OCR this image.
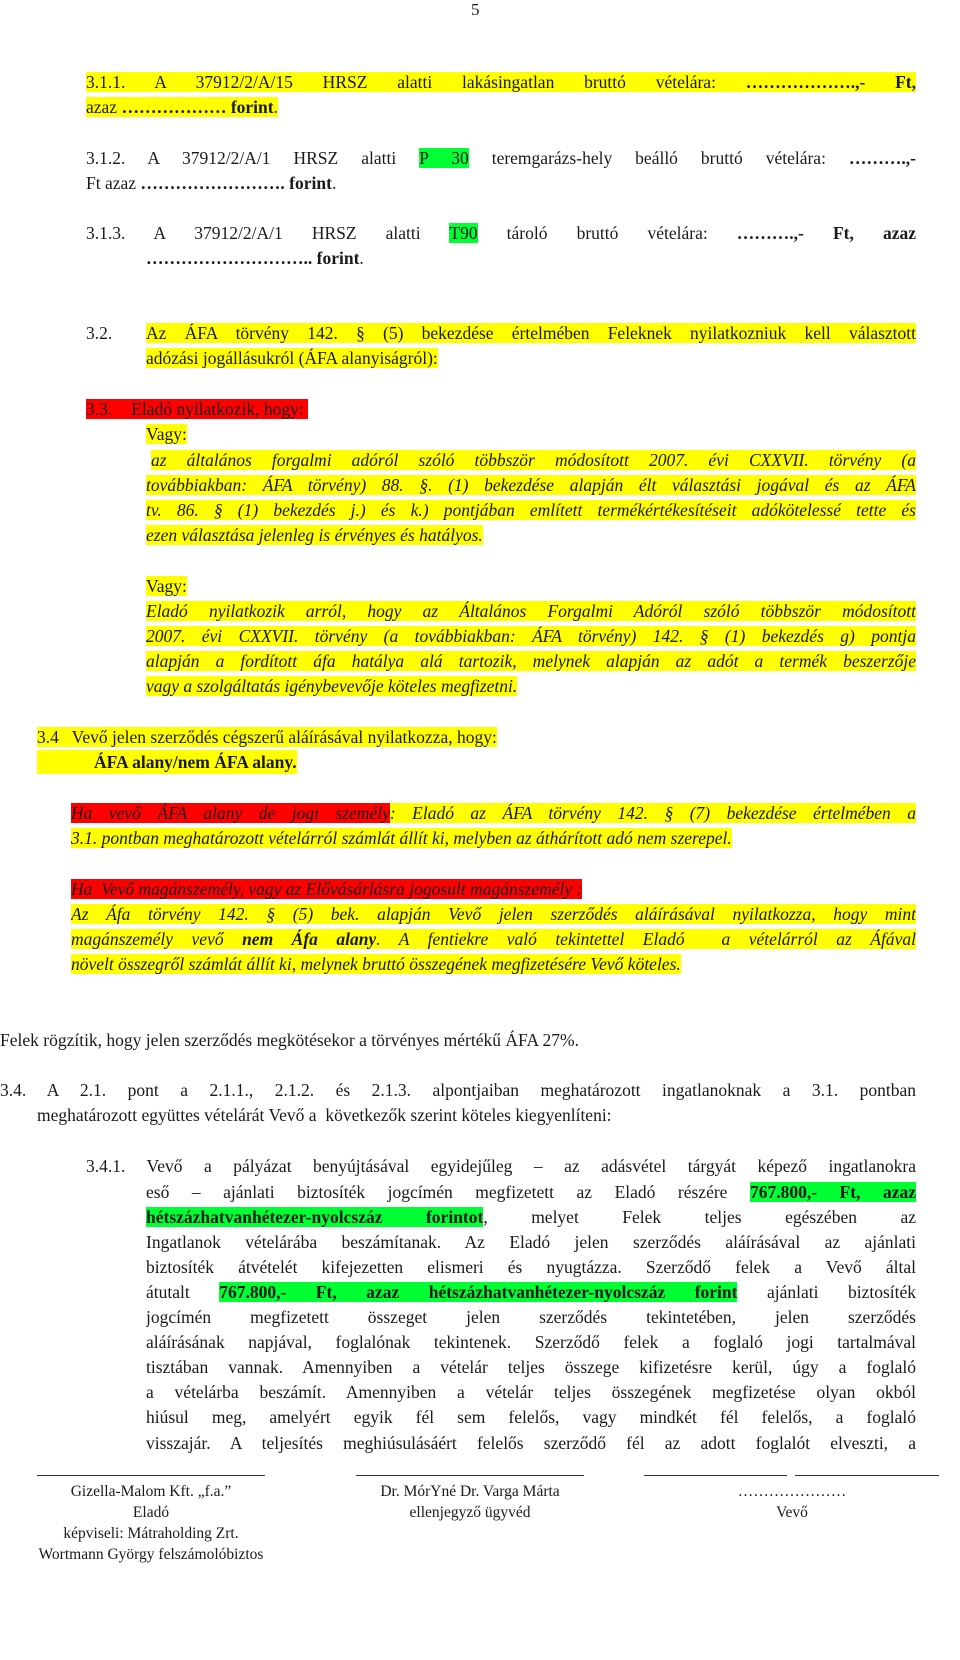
5
3.1.1. A 37912/2/A/15 HRSZ alatti lakásingatlan bruttó vételára: ……………….,- Ft,
azaz ……………… forint.
3.1.2. A 37912/2/A/1 HRSZ alatti P 30 teremgarázs-hely beálló bruttó vételára: ……….,-
Ft azaz ……………………. forint.
3.1.3. A 37912/2/A/1 HRSZ alatti T90 tároló bruttó vételára: ……….,- Ft, azaz
……………………….. forint.
3.2. Az ÁFA törvény 142. § (5) bekezdése értelmében Feleknek nyilatkozniuk kell választott
adózási jogállásukról (ÁFA alanyiságról):
3.3. Eladó nyilatkozik, hogy:
Vagy:
az általános forgalmi adóról szóló többször módosított 2007. évi CXXVII. törvény (a
továbbiakban: ÁFA törvény) 88. §. (1) bekezdése alapján élt választási jogával és az ÁFA
tv. 86. § (1) bekezdés j.) és k.) pontjában említett termékértékesítéseit adókötelessé tette és
ezen választása jelenleg is érvényes és hatályos.
Vagy:
Eladó nyilatkozik arról, hogy az Általános Forgalmi Adóról szóló többször módosított
2007. évi CXXVII. törvény (a továbbiakban: ÁFA törvény) 142. § (1) bekezdés g) pontja
alapján a fordított áfa hatálya alá tartozik, melynek alapján az adót a termék beszerzője
vagy a szolgáltatás igénybevevője köteles megfizetni.
3.4   Vevő jelen szerződés cégszerű aláírásával nyilatkozza, hogy:
ÁFA alany/nem ÁFA alany.
Ha vevő ÁFA alany de jogi személy: Eladó az ÁFA törvény 142. § (7) bekezdése értelmében a
3.1. pontban meghatározott vételárról számlát állít ki, melyben az áthárított adó nem szerepel.
Ha  Vevő magánszemély, vagy az Elővásárlásra jogosult magánszemély :
Az Áfa törvény 142. § (5) bek. alapján Vevő jelen szerződés aláírásával nyilatkozza, hogy mint
magánszemély vevő nem Áfa alany. A fentiekre való tekintettel Eladó  a vételárról az Áfával
növelt összegről számlát állít ki, melynek bruttó összegének megfizetésére Vevő köteles.
Felek rögzítik, hogy jelen szerződés megkötésekor a törvényes mértékű ÁFA 27%.
3.4. A 2.1. pont a 2.1.1., 2.1.2. és 2.1.3. alpontjaiban meghatározott ingatlanoknak a 3.1. pontban
meghatározott együttes vételárát Vevő a  következők szerint köteles kiegyenlíteni:
3.4.1. Vevő a pályázat benyújtásával egyidejűleg – az adásvétel tárgyát képező ingatlanokra
eső – ajánlati biztosíték jogcímén megfizetett az Eladó részére 767.800,- Ft, azaz
hétszázhatvanhétezer-nyolcszáz forintot, melyet Felek teljes egészében az
Ingatlanok vételárába beszámítanak. Az Eladó jelen szerződés aláírásával az ajánlati
biztosíték átvételét kifejezetten elismeri és nyugtázza. Szerződő felek a Vevő által
átutalt 767.800,- Ft, azaz hétszázhatvanhétezer-nyolcszáz forint ajánlati biztosíték
jogcímén megfizetett összeget jelen szerződés tekintetében, jelen szerződés
aláírásának napjával, foglalónak tekintenek. Szerződő felek a foglaló jogi tartalmával
tisztában vannak. Amennyiben a vételár teljes összege kifizetésre kerül, úgy a foglaló
a vételárba beszámít. Amennyiben a vételár teljes összegének megfizetése olyan okból
hiúsul meg, amelyért egyik fél sem felelős, vagy mindkét fél felelős, a foglaló
visszajár. A teljesítés meghiúsulásáért felelős szerződő fél az adott foglalót elveszti, a
Gizella-Malom Kft. „f.a.”
Eladó
képviseli: Mátraholding Zrt.
Wortmann György felszámolóbiztos
Dr. MórYné Dr. Varga Márta
ellenjegyző ügyvéd
…………………
Vevő
